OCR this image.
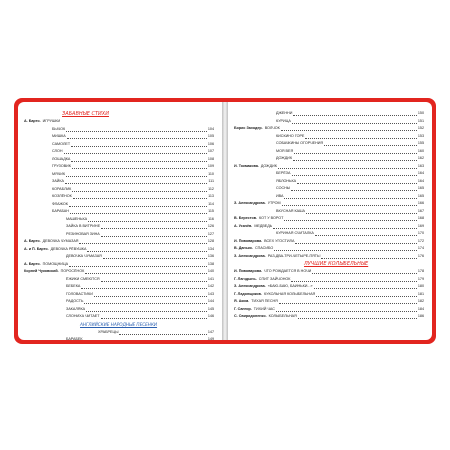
ЗАБАВНЫЕ СТИХИ
А. Барто. ИГРУШКИ
БЫЧОК	104
МИШКА	105
САМОЛЕТ	106
СЛОН	107
ЛОШАДКА	108
ГРУЗОВИК	109
МЯЧИК	110
ЗАЙКА	111
КОРАБЛИК	112
КОЗЛЁНОК	113
ФЛАЖОК	114
БАРАБАН	115
МАШЕНЬКА	116
ЗАЙКА В ВИТРИНЕ	126
РЕЗИНОВАЯ ЗИНА	127
А. Барто. ДЕВОЧКА ЧУМАЗАЯ	128
А. и П. Барто. ДЕВОЧКА РЁВУШКА	134
ДЕВОЧКА ЧУМАЗАЯ	136
А. Барто. ПОМОЩНИЦА	138
Корней Чуковский. ПОРОСЁНОК	140
ЁЖИКИ СМЕЮТСЯ	141
БЕБЕКА	142
ГОЛОВАСТИКИ	143
РАДОСТЬ	144
ЗАКАЛЯКА	145
СЛОНИХА ЧИТАЕТ	146
АНГЛИЙСКИЕ НАРОДНЫЕ ПЕСЕНКИ
ХРАБРЕЦЫ	147
БАРАБЕК	149
ДЖЕННИ	150
КУРИЦА	151
Борис Заходер. ВОЛЧОК	152
КИСКИНО ГОРЕ	153
СОБАЧКИНЫ ОГОРЧЕНИЯ	155
МОЯ ВЕЯ	160
ДОЖДИК	162
И. Токмакова. ДОЖДИК	163
БЕРЁЗА	164
ЯБЛОНЬКА	164
СОСНЫ	165
ИВА	165
З. Александрова. УТРОМ	166
ВКУСНАЯ КАША	167
В. Берестов. КОТ У ВОРОТ	168
А. Усачёв. МЕДВЕДЬ	169
КУРИНАЯ СЧИТАЛКА	170
И. Пивоварова. ВСЕХ УГОСТИЛА	172
В. Данько. СПАСИБО	174
З. Александрова. РАЗ-ДВА-ТРИ-ЧЕТЫРЕ-ПЯТЬ!	176
ЛУЧШИЕ КОЛЫБЕЛЬНЫЕ
И. Пивоварова. ЧТО РОЖДАЕТСЯ В НОЧИ	178
Г. Лагздынь. СПИТ ЗАЙЧОНОК	179
З. Александрова. «БАЮ-БАЮ, БАИНЬКИ...»	180
Г. Ладонщиков. КУКОЛЬНАЯ КОЛЫБЕЛЬНАЯ	181
Я. Аким. ТИХАЯ ПЕСНЯ	182
Г. Сапгир. ТИХИЙ ЧАС	184
С. Свиридоненко. КОЛЫБЕЛЬНАЯ	186
